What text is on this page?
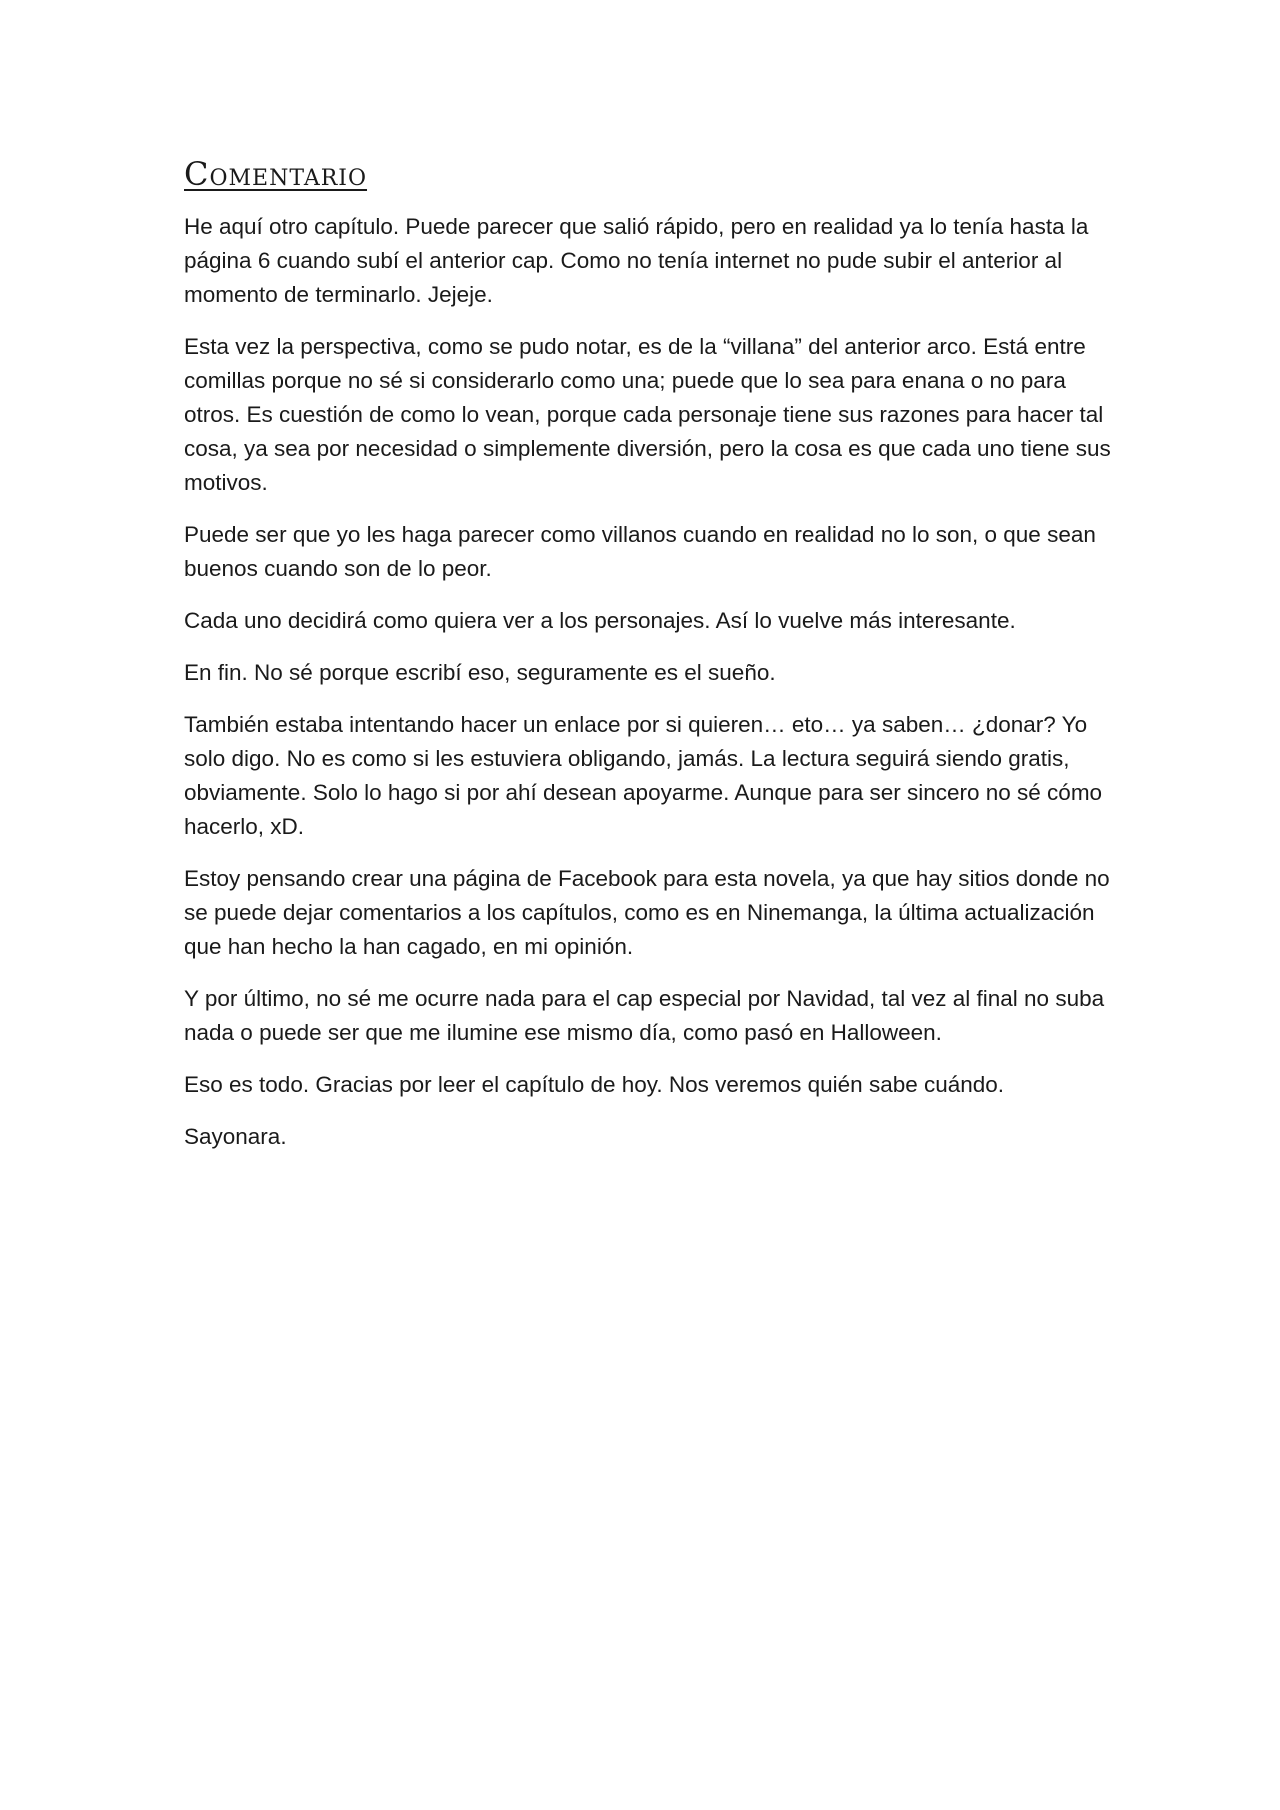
Comentario

He aquí otro capítulo. Puede parecer que salió rápido, pero en realidad ya lo tenía hasta la página 6 cuando subí el anterior cap. Como no tenía internet no pude subir el anterior al momento de terminarlo. Jejeje.

Esta vez la perspectiva, como se pudo notar, es de la “villana” del anterior arco. Está entre comillas porque no sé si considerarlo como una; puede que lo sea para enana o no para otros. Es cuestión de como lo vean, porque cada personaje tiene sus razones para hacer tal cosa, ya sea por necesidad o simplemente diversión, pero la cosa es que cada uno tiene sus motivos.

Puede ser que yo les haga parecer como villanos cuando en realidad no lo son, o que sean buenos cuando son de lo peor.

Cada uno decidirá como quiera ver a los personajes. Así lo vuelve más interesante.

En fin. No sé porque escribí eso, seguramente es el sueño.

También estaba intentando hacer un enlace por si quieren… eto… ya saben… ¿donar? Yo solo digo. No es como si les estuviera obligando, jamás. La lectura seguirá siendo gratis, obviamente. Solo lo hago si por ahí desean apoyarme. Aunque para ser sincero no sé cómo hacerlo, xD.

Estoy pensando crear una página de Facebook para esta novela, ya que hay sitios donde no se puede dejar comentarios a los capítulos, como es en Ninemanga, la última actualización que han hecho la han cagado, en mi opinión.

Y por último, no sé me ocurre nada para el cap especial por Navidad, tal vez al final no suba nada o puede ser que me ilumine ese mismo día, como pasó en Halloween.

Eso es todo. Gracias por leer el capítulo de hoy. Nos veremos quién sabe cuándo.

Sayonara.
